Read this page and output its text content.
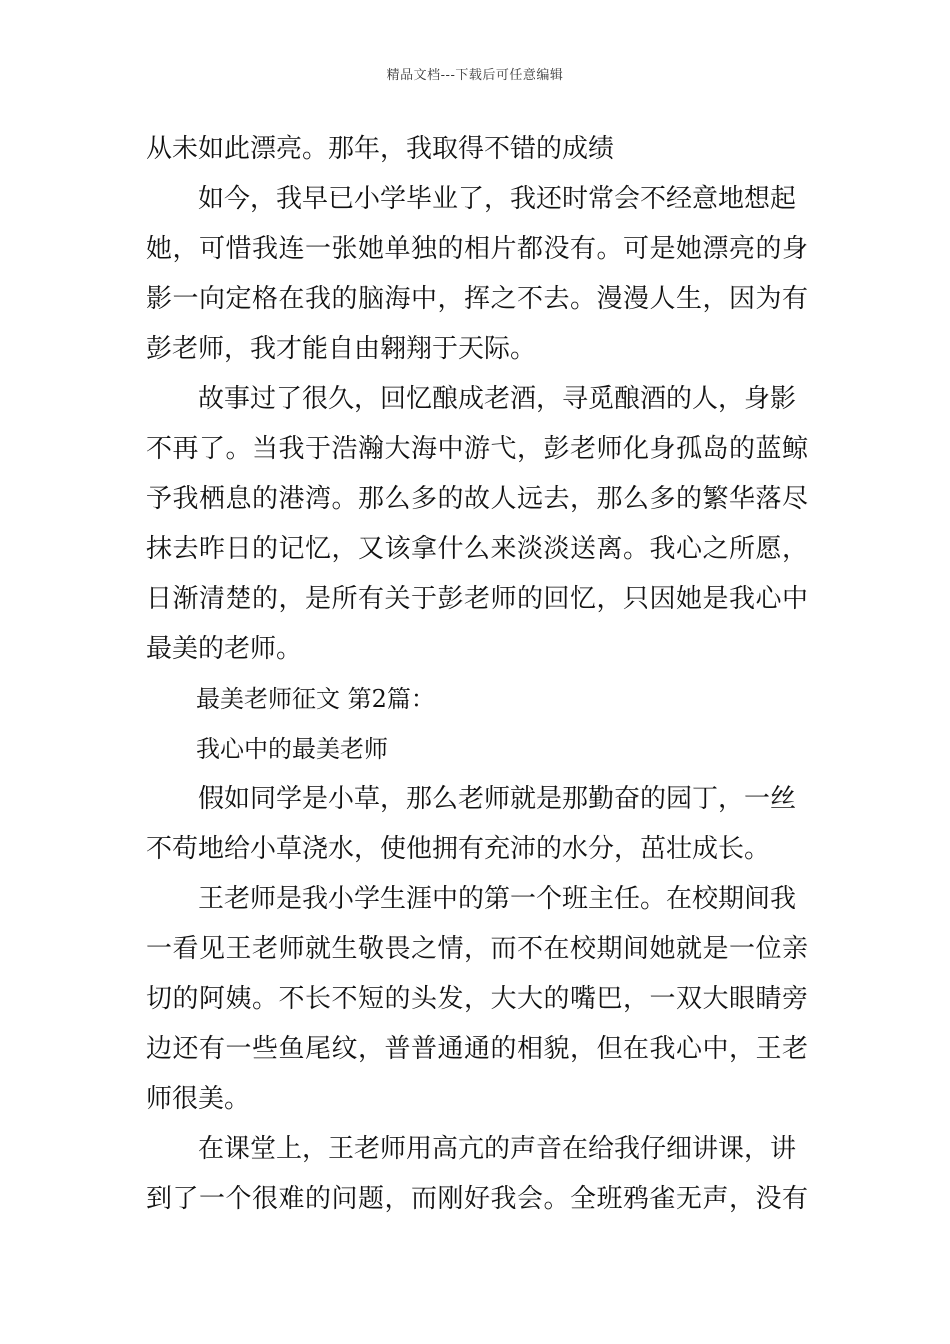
精品文档---下载后可任意编辑
从未如此漂亮。那年，我取得不错的成绩
如今，我早已小学毕业了，我还时常会不经意地想起
她，可惜我连一张她单独的相片都没有。可是她漂亮的身
影一向定格在我的脑海中，挥之不去。漫漫人生，因为有
彭老师，我才能自由翱翔于天际。
故事过了很久，回忆酿成老酒，寻觅酿酒的人，身影
不再了。当我于浩瀚大海中游弋，彭老师化身孤岛的蓝鲸
予我栖息的港湾。那么多的故人远去，那么多的繁华落尽
抹去昨日的记忆，又该拿什么来淡淡送离。我心之所愿，
日渐清楚的，是所有关于彭老师的回忆，只因她是我心中
最美的老师。
最美老师征文 第2篇：
我心中的最美老师
假如同学是小草，那么老师就是那勤奋的园丁，一丝
不苟地给小草浇水，使他拥有充沛的水分，茁壮成长。
王老师是我小学生涯中的第一个班主任。在校期间我
一看见王老师就生敬畏之情，而不在校期间她就是一位亲
切的阿姨。不长不短的头发，大大的嘴巴，一双大眼睛旁
边还有一些鱼尾纹，普普通通的相貌，但在我心中，王老
师很美。
在课堂上，王老师用高亢的声音在给我仔细讲课，讲
到了一个很难的问题，而刚好我会。全班鸦雀无声，没有
